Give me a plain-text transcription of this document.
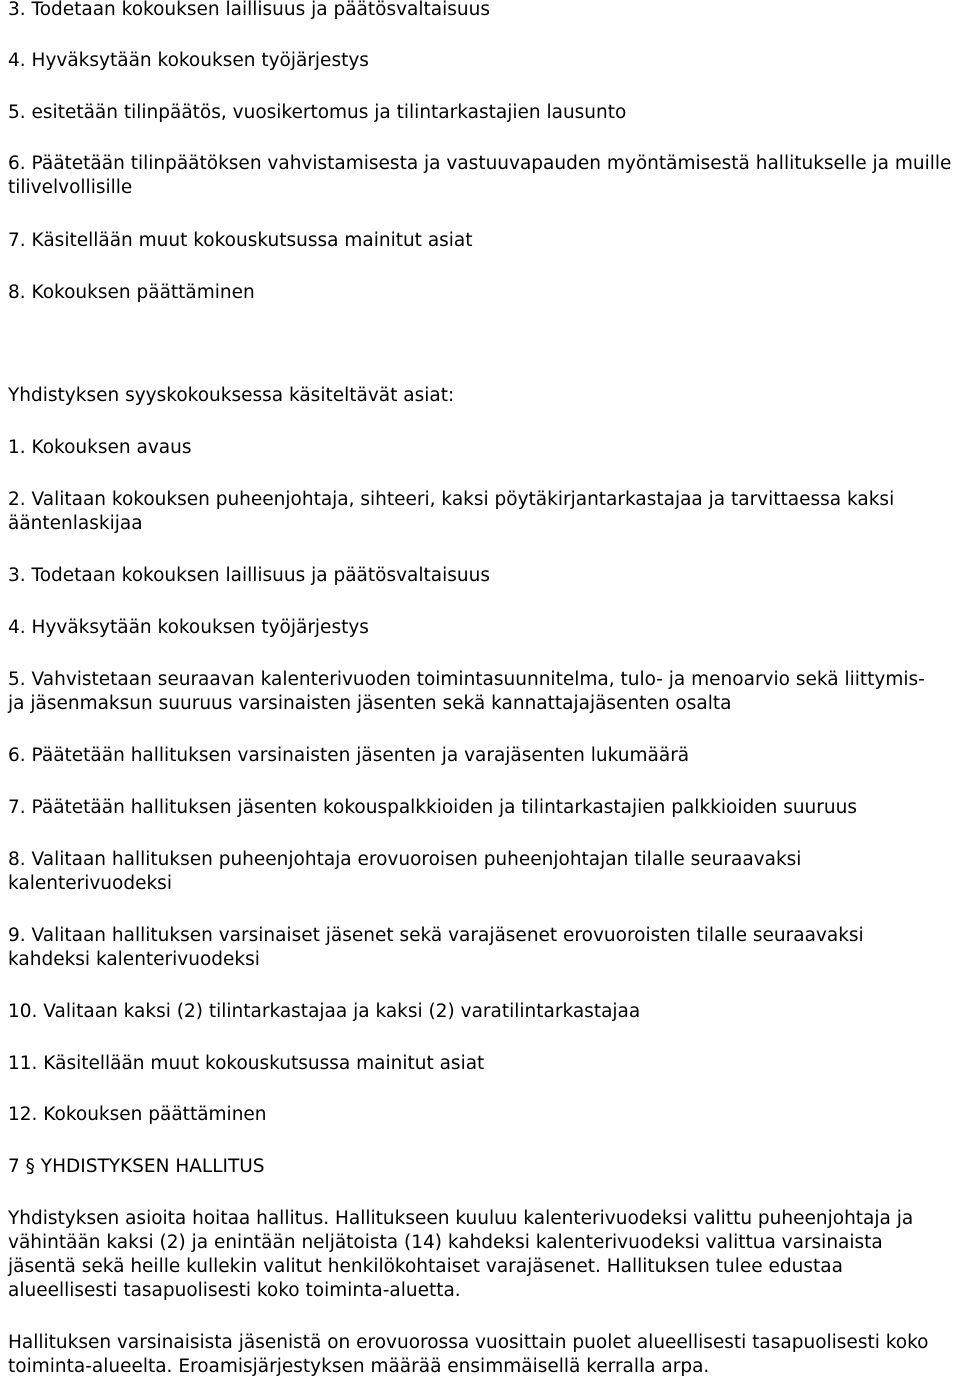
3. Todetaan kokouksen laillisuus ja päätösvaltaisuus

4. Hyväksytään kokouksen työjärjestys

5. esitetään tilinpäätös, vuosikertomus ja tilintarkastajien lausunto

6. Päätetään tilinpäätöksen vahvistamisesta ja vastuuvapauden myöntämisestä hallitukselle ja muille tilivelvollisille

7. Käsitellään muut kokouskutsussa mainitut asiat

8. Kokouksen päättäminen

Yhdistyksen syyskokouksessa käsiteltävät asiat:

1. Kokouksen avaus

2. Valitaan kokouksen puheenjohtaja, sihteeri, kaksi pöytäkirjantarkastajaa ja tarvittaessa kaksi ääntenlaskijaa

3. Todetaan kokouksen laillisuus ja päätösvaltaisuus

4. Hyväksytään kokouksen työjärjestys

5. Vahvistetaan seuraavan kalenterivuoden toimintasuunnitelma, tulo- ja menoarvio sekä liittymis- ja jäsenmaksun suuruus varsinaisten jäsenten sekä kannattajajäsenten osalta

6. Päätetään hallituksen varsinaisten jäsenten ja varajäsenten lukumäärä

7. Päätetään hallituksen jäsenten kokouspalkkioiden ja tilintarkastajien palkkioiden suuruus

8. Valitaan hallituksen puheenjohtaja erovuoroisen puheenjohtajan tilalle seuraavaksi kalenterivuodeksi

9. Valitaan hallituksen varsinaiset jäsenet sekä varajäsenet erovuoroisten tilalle seuraavaksi kahdeksi kalenterivuodeksi

10. Valitaan kaksi (2) tilintarkastajaa ja kaksi (2) varatilintarkastajaa

11. Käsitellään muut kokouskutsussa mainitut asiat

12. Kokouksen päättäminen

7 § YHDISTYKSEN HALLITUS

Yhdistyksen asioita hoitaa hallitus. Hallitukseen kuuluu kalenterivuodeksi valittu puheenjohtaja ja vähintään kaksi (2) ja enintään neljätoista (14) kahdeksi kalenterivuodeksi valittua varsinaista jäsentä sekä heille kullekin valitut henkilökohtaiset varajäsenet. Hallituksen tulee edustaa alueellisesti tasapuolisesti koko toiminta-aluetta.

Hallituksen varsinaisista jäsenistä on erovuorossa vuosittain puolet alueellisesti tasapuolisesti koko toiminta-alueelta. Eroamisjärjestyksen määrää ensimmäisellä kerralla arpa.
